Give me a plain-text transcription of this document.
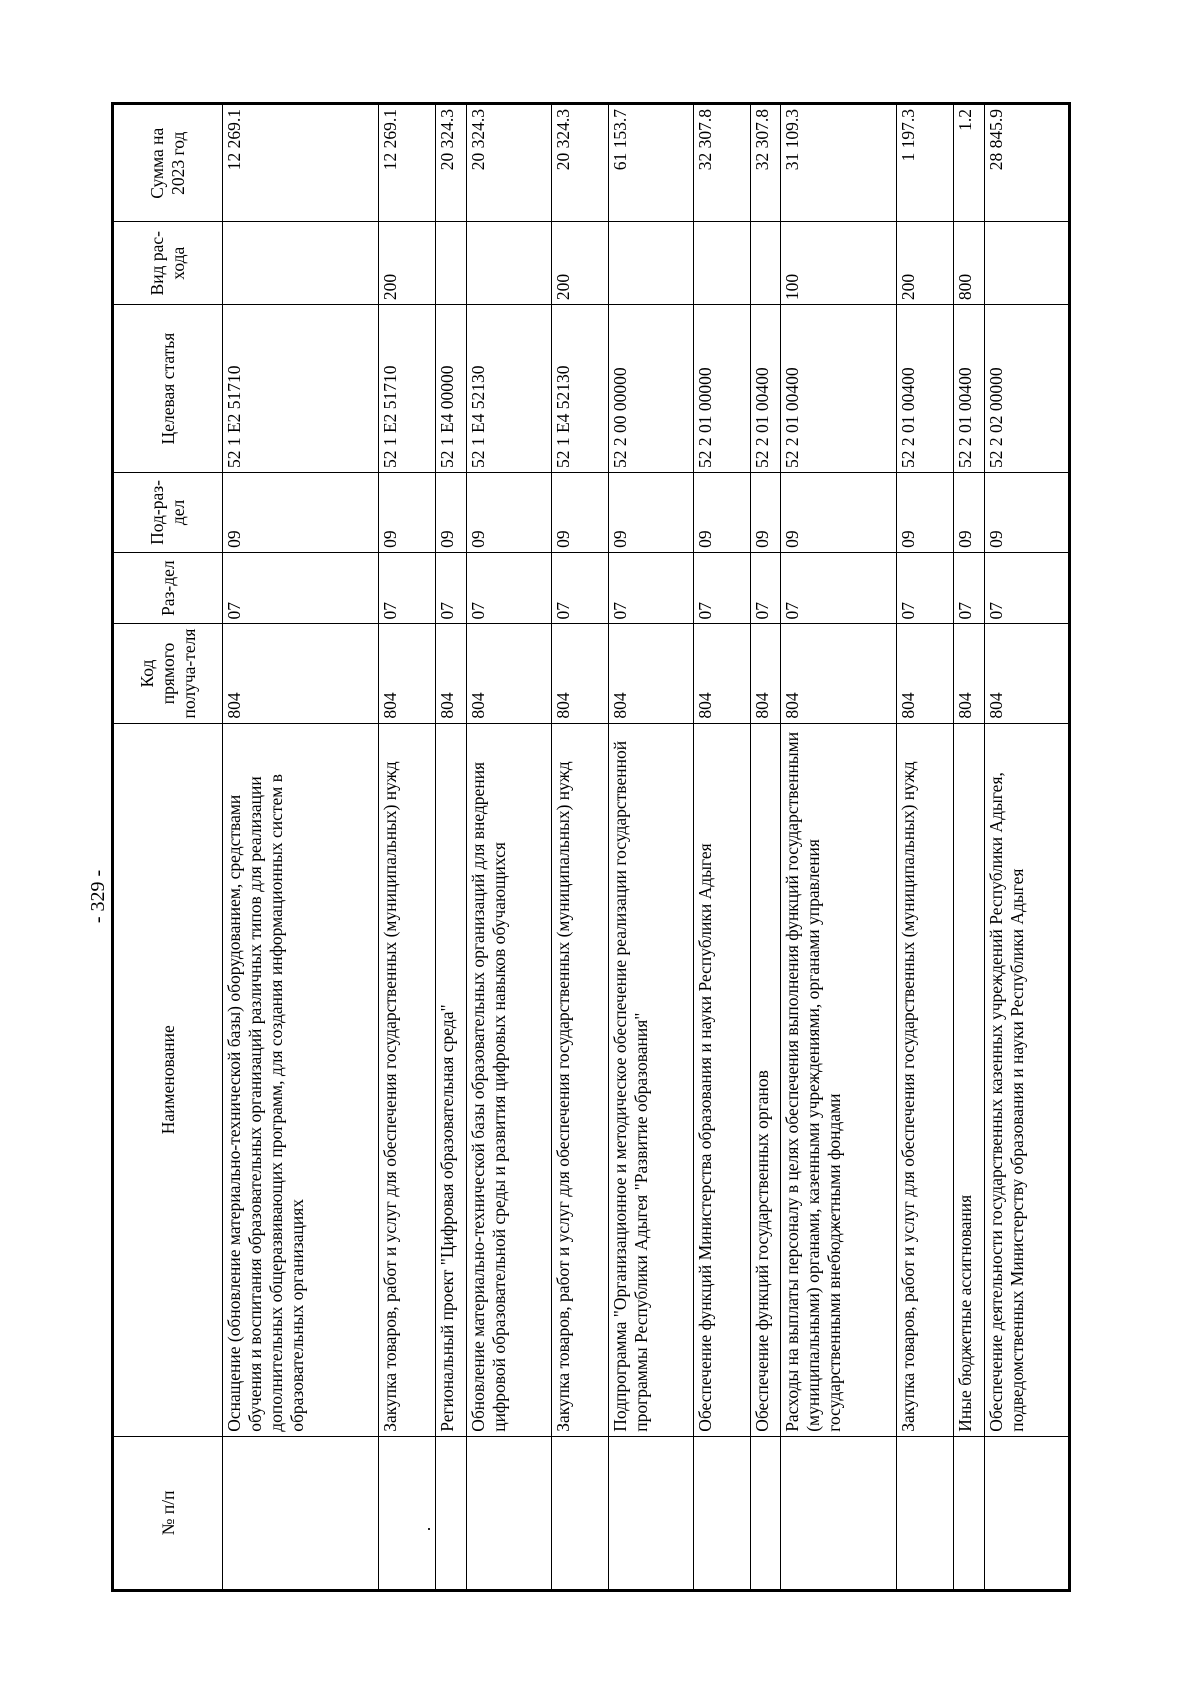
- 329 -
№ п/п	Наименование	Код прямого получа-теля	Раз-дел	Под-раз-дел	Целевая статья	Вид рас-хода	Сумма на 2023 год
	Оснащение (обновление материально-технической базы) оборудованием, средствами обучения и воспитания образовательных организаций различных типов для реализации дополнительных общеразвивающих программ, для создания информационных систем в образовательных организациях	804	07	09	52 1 Е2 51710		12 269.1
	Закупка товаров, работ и услуг для обеспечения государственных (муниципальных) нужд	804	07	09	52 1 Е2 51710	200	12 269.1
	Региональный проект "Цифровая образовательная среда"	804	07	09	52 1 Е4 00000		20 324.3
	Обновление материально-технической базы образовательных организаций для внедрения цифровой образовательной среды и развития цифровых навыков обучающихся	804	07	09	52 1 Е4 52130		20 324.3
	Закупка товаров, работ и услуг для обеспечения государственных (муниципальных) нужд	804	07	09	52 1 Е4 52130	200	20 324.3
	Подпрограмма "Организационное и методическое обеспечение реализации государственной программы Республики Адыгея "Развитие образования"	804	07	09	52 2 00 00000		61 153.7
	Обеспечение функций Министерства образования и науки Республики Адыгея	804	07	09	52 2 01 00000		32 307.8
	Обеспечение функций государственных органов	804	07	09	52 2 01 00400		32 307.8
	Расходы на выплаты персоналу в целях обеспечения выполнения функций государственными (муниципальными) органами, казенными учреждениями, органами управления государственными внебюджетными фондами	804	07	09	52 2 01 00400	100	31 109.3
	Закупка товаров, работ и услуг для обеспечения государственных (муниципальных) нужд	804	07	09	52 2 01 00400	200	1 197.3
	Иные бюджетные ассигнования	804	07	09	52 2 01 00400	800	1.2
	Обеспечение деятельности государственных казенных учреждений Республики Адыгея, подведомственных Министерству образования и науки Республики Адыгея	804	07	09	52 2 02 00000		28 845.9
